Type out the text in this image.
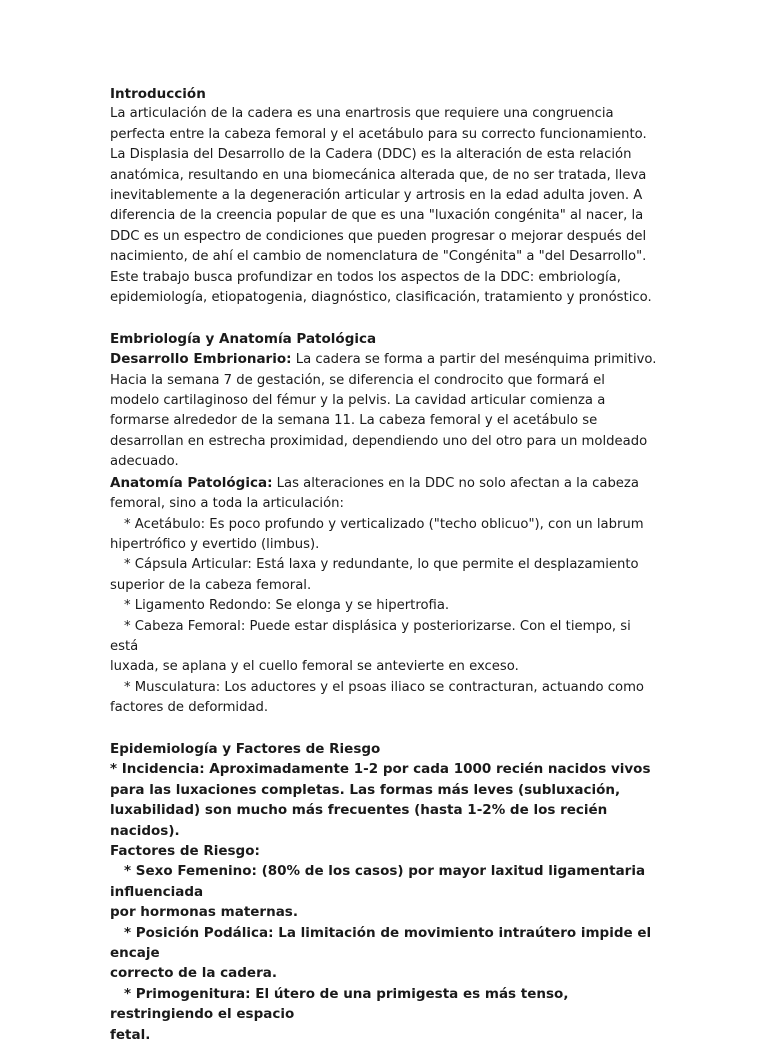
Introducción

La articulación de la cadera es una enartrosis que requiere una congruencia perfecta entre la cabeza femoral y el acetábulo para su correcto funcionamiento. La Displasia del Desarrollo de la Cadera (DDC) es la alteración de esta relación anatómica, resultando en una biomecánica alterada que, de no ser tratada, lleva inevitablemente a la degeneración articular y artrosis en la edad adulta joven. A diferencia de la creencia popular de que es una "luxación congénita" al nacer, la DDC es un espectro de condiciones que pueden progresar o mejorar después del nacimiento, de ahí el cambio de nomenclatura de "Congénita" a "del Desarrollo". Este trabajo busca profundizar en todos los aspectos de la DDC: embriología, epidemiología, etiopatogenia, diagnóstico, clasificación, tratamiento y pronóstico.

Embriología y Anatomía Patológica

Desarrollo Embrionario: La cadera se forma a partir del mesénquima primitivo. Hacia la semana 7 de gestación, se diferencia el condrocito que formará el modelo cartilaginoso del fémur y la pelvis. La cavidad articular comienza a formarse alrededor de la semana 11. La cabeza femoral y el acetábulo se desarrollan en estrecha proximidad, dependiendo uno del otro para un moldeado adecuado.

Anatomía Patológica: Las alteraciones en la DDC no solo afectan a la cabeza femoral, sino a toda la articulación:

* Acetábulo: Es poco profundo y verticalizado ("techo oblicuo"), con un labrum
hipertrófico y evertido (limbus).

* Cápsula Articular: Está laxa y redundante, lo que permite el desplazamiento
superior de la cabeza femoral.

* Ligamento Redondo: Se elonga y se hipertrofia.

* Cabeza Femoral: Puede estar displásica y posteriorizarse. Con el tiempo, si está
luxada, se aplana y el cuello femoral se antevierte en exceso.

* Musculatura: Los aductores y el psoas iliaco se contracturan, actuando como
factores de deformidad.

Epidemiología y Factores de Riesgo

* Incidencia: Aproximadamente 1-2 por cada 1000 recién nacidos vivos para las luxaciones completas. Las formas más leves (subluxación, luxabilidad) son mucho más frecuentes (hasta 1-2% de los recién nacidos).

Factores de Riesgo:

* Sexo Femenino: (80% de los casos) por mayor laxitud ligamentaria influenciada
por hormonas maternas.

* Posición Podálica: La limitación de movimiento intraútero impide el encaje
correcto de la cadera.

* Primogenitura: El útero de una primigesta es más tenso, restringiendo el espacio
fetal.
